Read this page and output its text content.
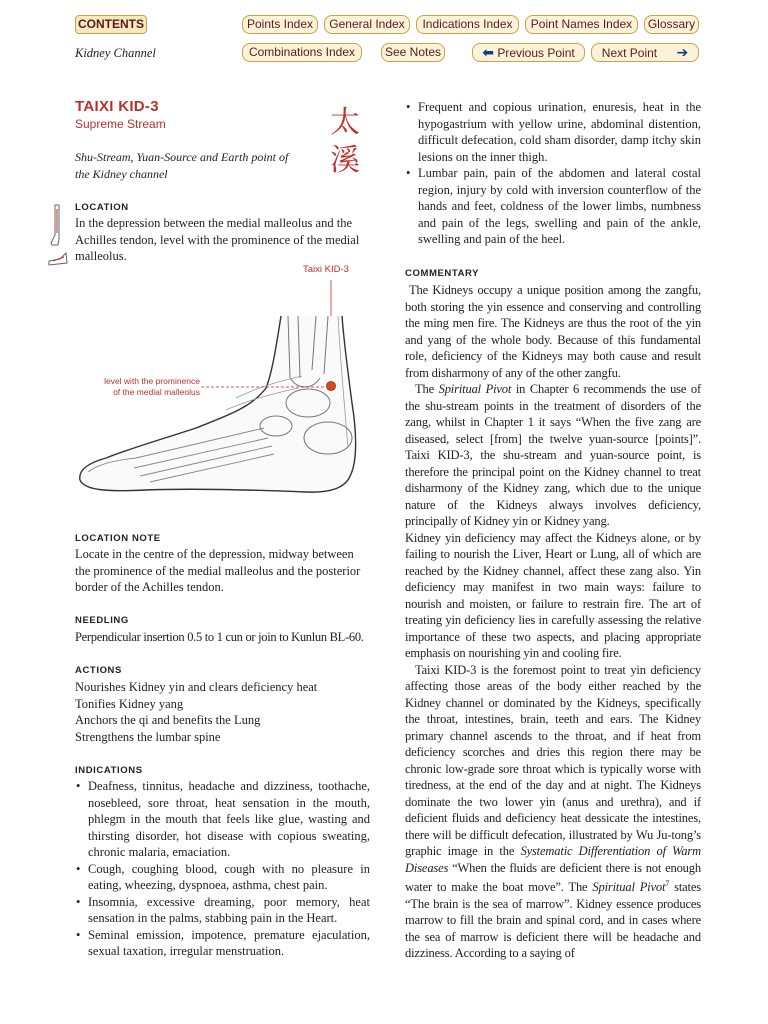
CONTENTS	Points Index	General Index	Indications Index	Point Names Index	Glossary
Kidney Channel	Combinations Index	See Notes	⬅ Previous Point	Next Point ➔
TAIXI KID-3
Supreme Stream	太
溪
Shu-Stream, Yuan-Source and Earth point of
the Kidney channel
LOCATION
In the depression between the medial malleolus and the
Achilles tendon, level with the prominence of the medial
malleolus.
Taixi KID-3
level with the prominence
of the medial malleolus
LOCATION NOTE
Locate in the centre of the depression, midway between
the prominence of the medial malleolus and the posterior
border of the Achilles tendon.
NEEDLING
Perpendicular insertion 0.5 to 1 cun or join to Kunlun BL-60.
ACTIONS
Nourishes Kidney yin and clears deficiency heat
Tonifies Kidney yang
Anchors the qi and benefits the Lung
Strengthens the lumbar spine
INDICATIONS
• Deafness, tinnitus, headache and dizziness, toothache, nosebleed, sore throat, heat sensation in the mouth, phlegm in the mouth that feels like glue, wasting and thirsting disorder, hot disease with copious sweating, chronic malaria, emaciation.
• Cough, coughing blood, cough with no pleasure in eating, wheezing, dyspnoea, asthma, chest pain.
• Insomnia, excessive dreaming, poor memory, heat sensation in the palms, stabbing pain in the Heart.
• Seminal emission, impotence, premature ejaculation, sexual taxation, irregular menstruation.
• Frequent and copious urination, enuresis, heat in the hypogastrium with yellow urine, abdominal distention, difficult defecation, cold sham disorder, damp itchy skin lesions on the inner thigh.
• Lumbar pain, pain of the abdomen and lateral costal region, injury by cold with inversion counterflow of the hands and feet, coldness of the lower limbs, numbness and pain of the legs, swelling and pain of the ankle, swelling and pain of the heel.
COMMENTARY

The Kidneys occupy a unique position among the zangfu, both storing the yin essence and conserving and controlling the ming men fire. The Kidneys are thus the root of the yin and yang of the whole body. Because of this fundamental role, deficiency of the Kidneys may both cause and result from disharmony of any of the other zangfu.

The Spiritual Pivot in Chapter 6 recommends the use of the shu-stream points in the treatment of disorders of the zang, whilst in Chapter 1 it says “When the five zang are diseased, select [from] the twelve yuan-source [points]”. Taixi KID-3, the shu-stream and yuan-source point, is therefore the principal point on the Kidney channel to treat disharmony of the Kidney zang, which due to the unique nature of the Kidneys always involves deficiency, principally of Kidney yin or Kidney yang.

Kidney yin deficiency may affect the Kidneys alone, or by failing to nourish the Liver, Heart or Lung, all of which are reached by the Kidney channel, affect these zang also. Yin deficiency may manifest in two main ways: failure to nourish and moisten, or failure to restrain fire. The art of treating yin deficiency lies in carefully assessing the relative importance of these two aspects, and placing appropriate emphasis on nourishing yin and cooling fire.

Taixi KID-3 is the foremost point to treat yin deficiency affecting those areas of the body either reached by the Kidney channel or dominated by the Kidneys, specifically the throat, intestines, brain, teeth and ears. The Kidney primary channel ascends to the throat, and if heat from deficiency scorches and dries this region there may be chronic low-grade sore throat which is typically worse with tiredness, at the end of the day and at night. The Kidneys dominate the two lower yin (anus and urethra), and if deficient fluids and deficiency heat dessicate the intestines, there will be difficult defecation, illustrated by Wu Ju-tong’s graphic image in the Systematic Differentiation of Warm Diseases “When the fluids are deficient there is not enough water to make the boat move”. The Spiritual Pivot$^7$ states “The brain is the sea of marrow”. Kidney essence produces marrow to fill the brain and spinal cord, and in cases where the sea of marrow is deficient there will be headache and dizziness. According to a saying of
